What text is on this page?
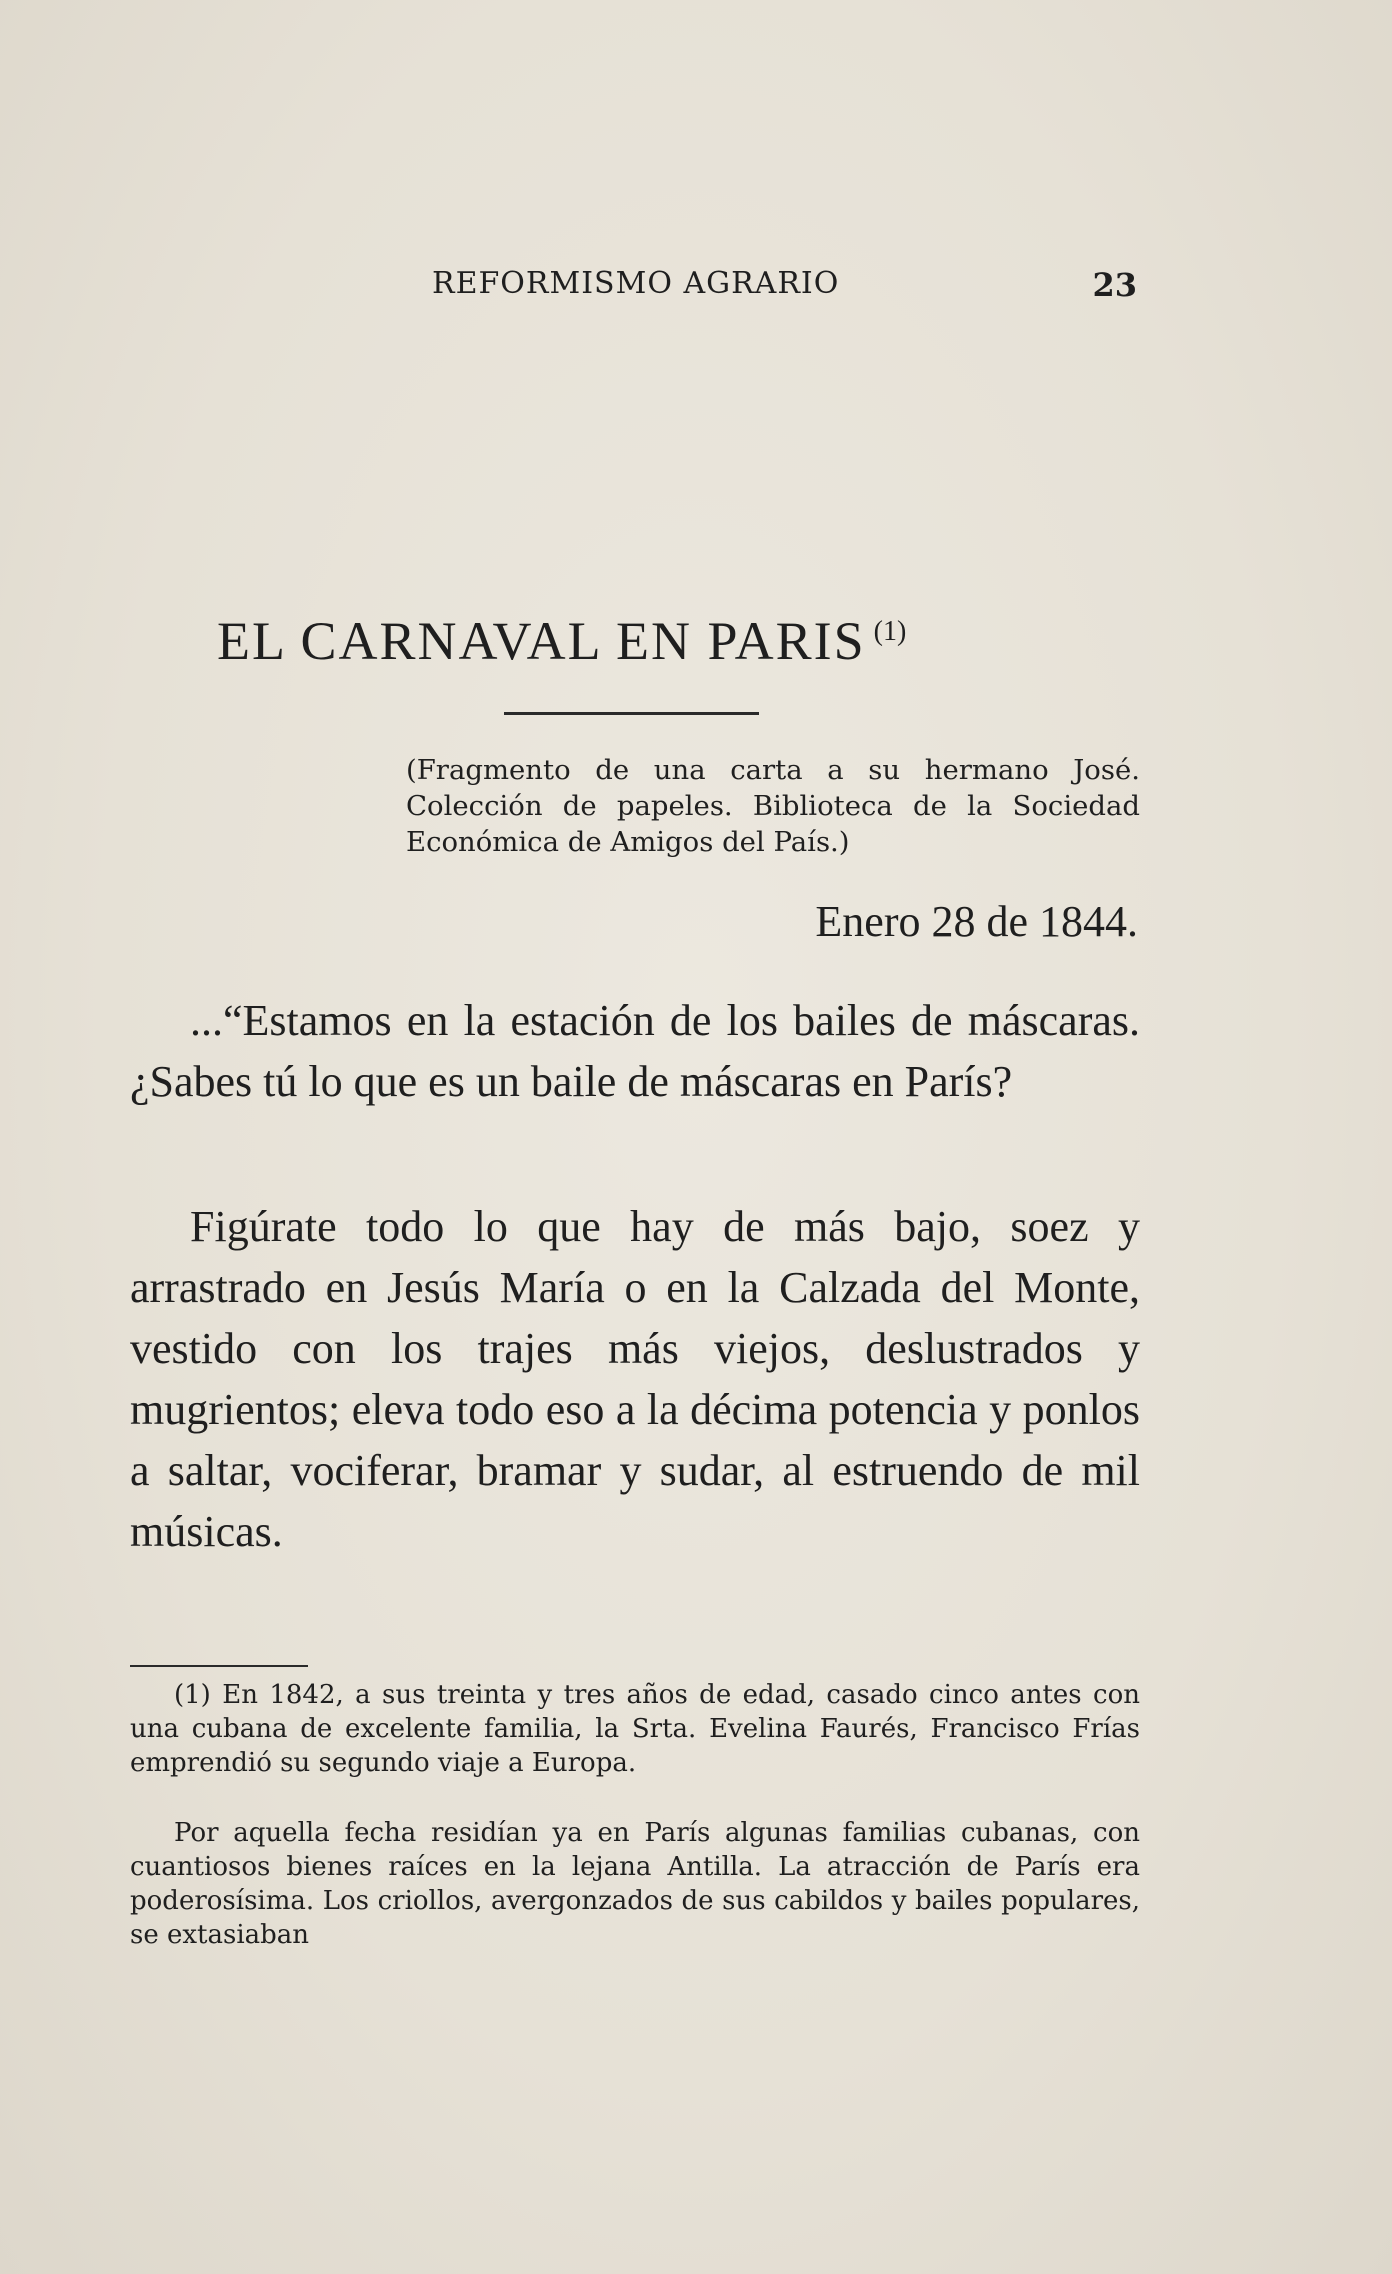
REFORMISMO AGRARIO	23
EL CARNAVAL EN PARIS $^{(1)}$
(Fragmento de una carta a su hermano José. Colección de papeles. Biblioteca de la Sociedad Económica de Amigos del País.)
Enero 28 de 1844.

...“Estamos en la estación de los bailes de máscaras. ¿Sabes tú lo que es un baile de máscaras en París?

Figúrate todo lo que hay de más bajo, soez y arrastrado en Jesús María o en la Calzada del Monte, vestido con los trajes más viejos, deslustrados y mugrientos; eleva todo eso a la décima potencia y ponlos a saltar, vociferar, bramar y sudar, al estruendo de mil músicas.

(1) En 1842, a sus treinta y tres años de edad, casado cinco antes con una cubana de excelente familia, la Srta. Evelina Faurés, Francisco Frías emprendió su segundo viaje a Europa.

Por aquella fecha residían ya en París algunas familias cubanas, con cuantiosos bienes raíces en la lejana Antilla. La atracción de París era poderosísima. Los criollos, avergonzados de sus cabildos y bailes populares, se extasiaban
